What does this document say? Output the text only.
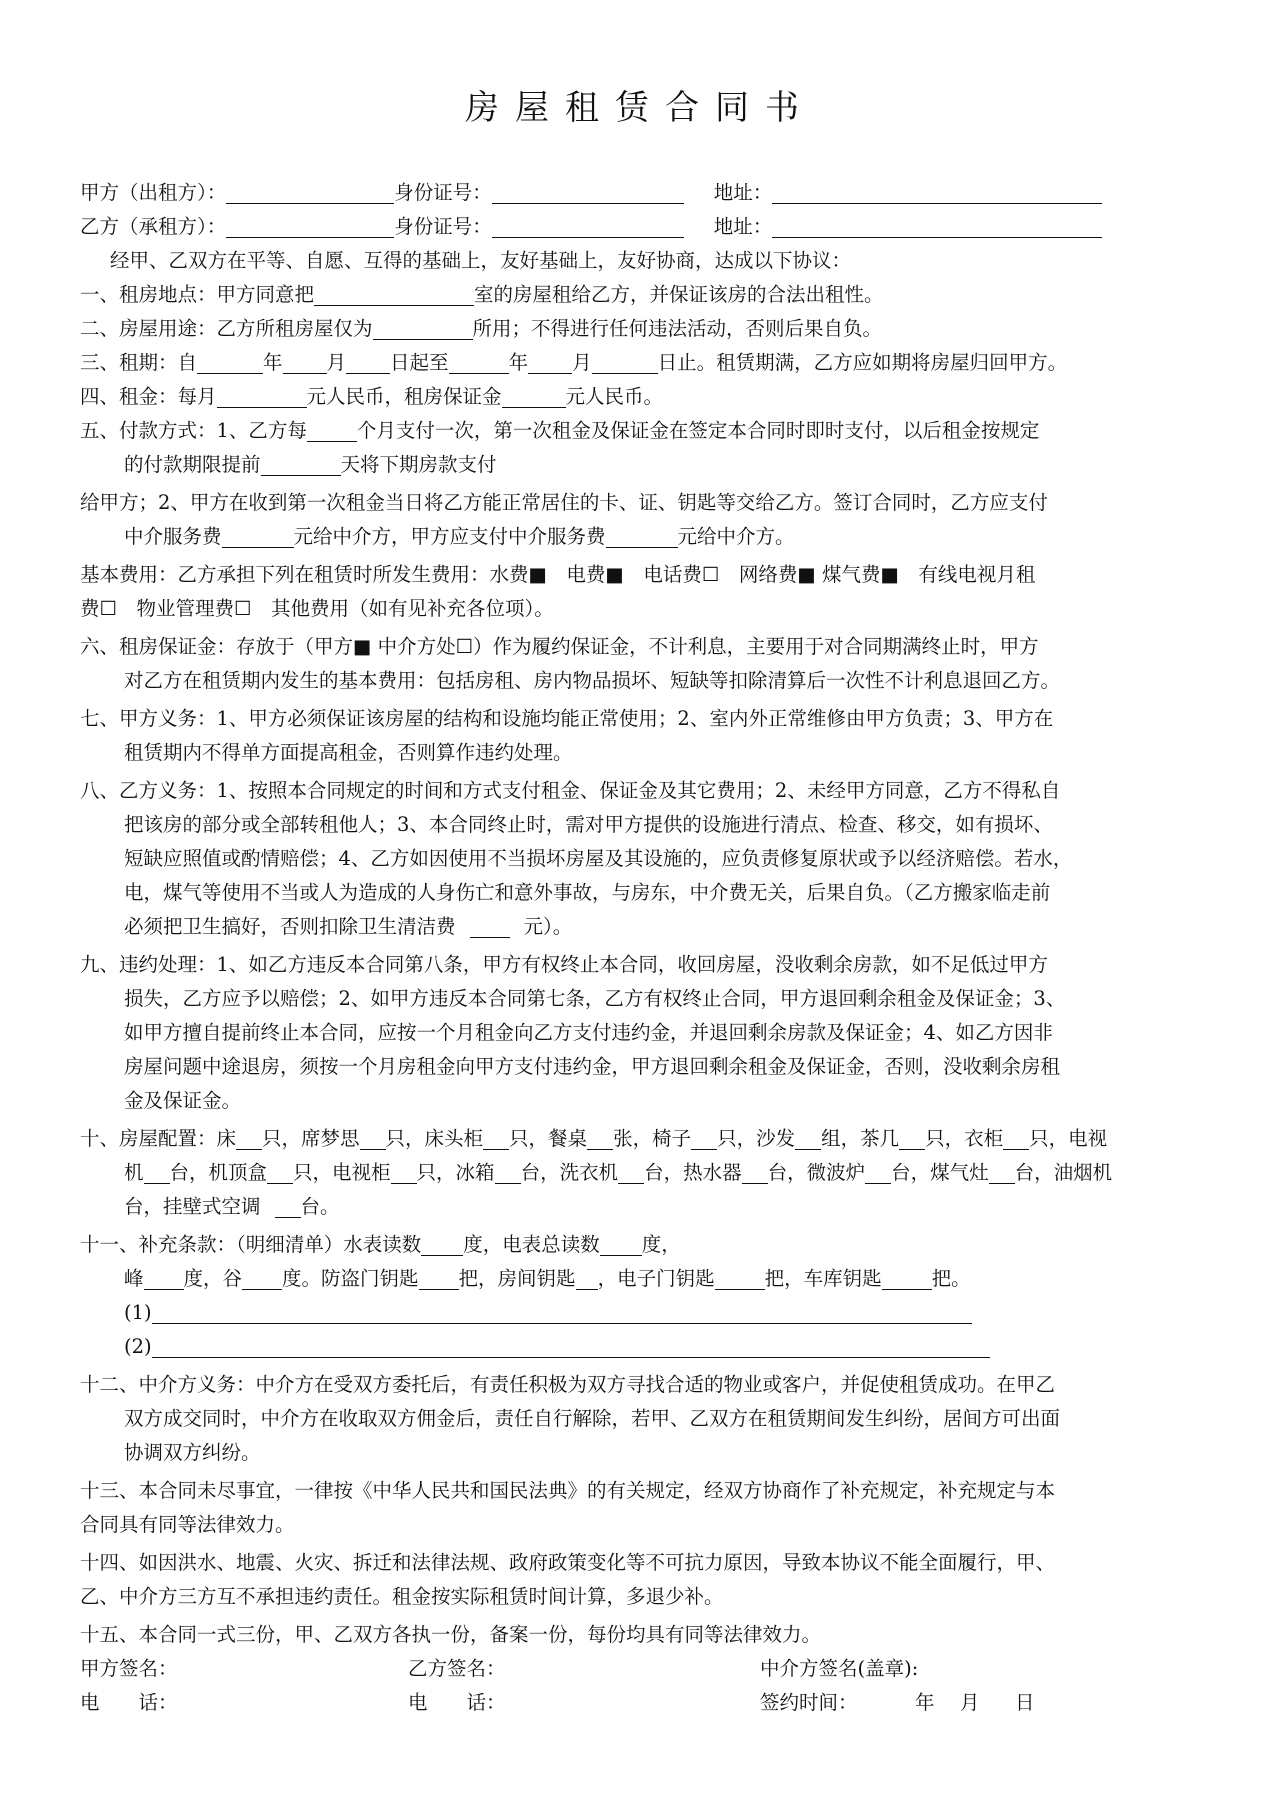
房屋租赁合同书
甲方（出租方）：	身份证号：	地址：
乙方（承租方）：	身份证号：	地址：
经甲、乙双方在平等、自愿、互得的基础上，友好基础上，友好协商，达成以下协议：
一、租房地点：甲方同意把	室的房屋租给乙方，并保证该房的合法出租性。
二、房屋用途：乙方所租房屋仅为	所用；不得进行任何违法活动，否则后果自负。
三、租期：自	年 月 日起至	年 月	日止。租赁期满，乙方应如期将房屋归回甲方。
四、租金：每月	元人民币，租房保证金	元人民币。
五、付款方式：1、乙方每	个月支付一次，第一次租金及保证金在签定本合同时即时支付，以后租金按规定
的付款期限提前	天将下期房款支付
给甲方；2、甲方在收到第一次租金当日将乙方能正常居住的卡、证、钥匙等交给乙方。签订合同时，乙方应支付
中介服务费	元给中介方，甲方应支付中介服务费	元给中介方。
基本费用：乙方承担下列在租赁时所发生费用：水费■　电费■　电话费☐　网络费■ 煤气费■　有线电视月租
费☐　物业管理费☐　其他费用（如有见补充各位项）。
六、租房保证金：存放于（甲方■ 中介方处☐）作为履约保证金，不计利息，主要用于对合同期满终止时，甲方
对乙方在租赁期内发生的基本费用：包括房租、房内物品损坏、短缺等扣除清算后一次性不计利息退回乙方。
七、甲方义务：1、甲方必须保证该房屋的结构和设施均能正常使用；2、室内外正常维修由甲方负责；3、甲方在
租赁期内不得单方面提高租金，否则算作违约处理。
八、乙方义务：1、按照本合同规定的时间和方式支付租金、保证金及其它费用；2、未经甲方同意，乙方不得私自
把该房的部分或全部转租他人；3、本合同终止时，需对甲方提供的设施进行清点、检查、移交，如有损坏、
短缺应照值或酌情赔偿；4、乙方如因使用不当损坏房屋及其设施的，应负责修复原状或予以经济赔偿。若水，
电，煤气等使用不当或人为造成的人身伤亡和意外事故，与房东，中介费无关，后果自负。（乙方搬家临走前
必须把卫生搞好，否则扣除卫生清洁费	元）。
九、违约处理：1、如乙方违反本合同第八条，甲方有权终止本合同，收回房屋，没收剩余房款，如不足低过甲方
损失，乙方应予以赔偿；2、如甲方违反本合同第七条，乙方有权终止合同，甲方退回剩余租金及保证金；3、
如甲方擅自提前终止本合同，应按一个月租金向乙方支付违约金，并退回剩余房款及保证金；4、如乙方因非
房屋问题中途退房，须按一个月房租金向甲方支付违约金，甲方退回剩余租金及保证金，否则，没收剩余房租
金及保证金。
十、房屋配置：床 只，席梦思 只，床头柜 只，餐桌 张，椅子 只，沙发 组，茶几 只，衣柜 只，电视
机 台，机顶盒 只，电视柜 只，冰箱 台，洗衣机 台，热水器 台，微波炉 台，煤气灶 台，油烟机
台，挂壁式空调 台。
十一、补充条款：（明细清单）水表读数 度，电表总读数 度，
峰 度，谷 度。防盗门钥匙 把，房间钥匙 ，电子门钥匙	把，车库钥匙	把。
(1)
(2)
十二、中介方义务：中介方在受双方委托后，有责任积极为双方寻找合适的物业或客户，并促使租赁成功。在甲乙
双方成交同时，中介方在收取双方佣金后，责任自行解除，若甲、乙双方在租赁期间发生纠纷，居间方可出面
协调双方纠纷。
十三、本合同未尽事宜，一律按《中华人民共和国民法典》的有关规定，经双方协商作了补充规定，补充规定与本
合同具有同等法律效力。
十四、如因洪水、地震、火灾、拆迁和法律法规、政府政策变化等不可抗力原因，导致本协议不能全面履行，甲、
乙、中介方三方互不承担违约责任。租金按实际租赁时间计算，多退少补。
十五、本合同一式三份，甲、乙双方各执一份，备案一份，每份均具有同等法律效力。
甲方签名：	乙方签名：	中介方签名(盖章):
电　　话：	电　　话：	签约时间：	年 月 日
